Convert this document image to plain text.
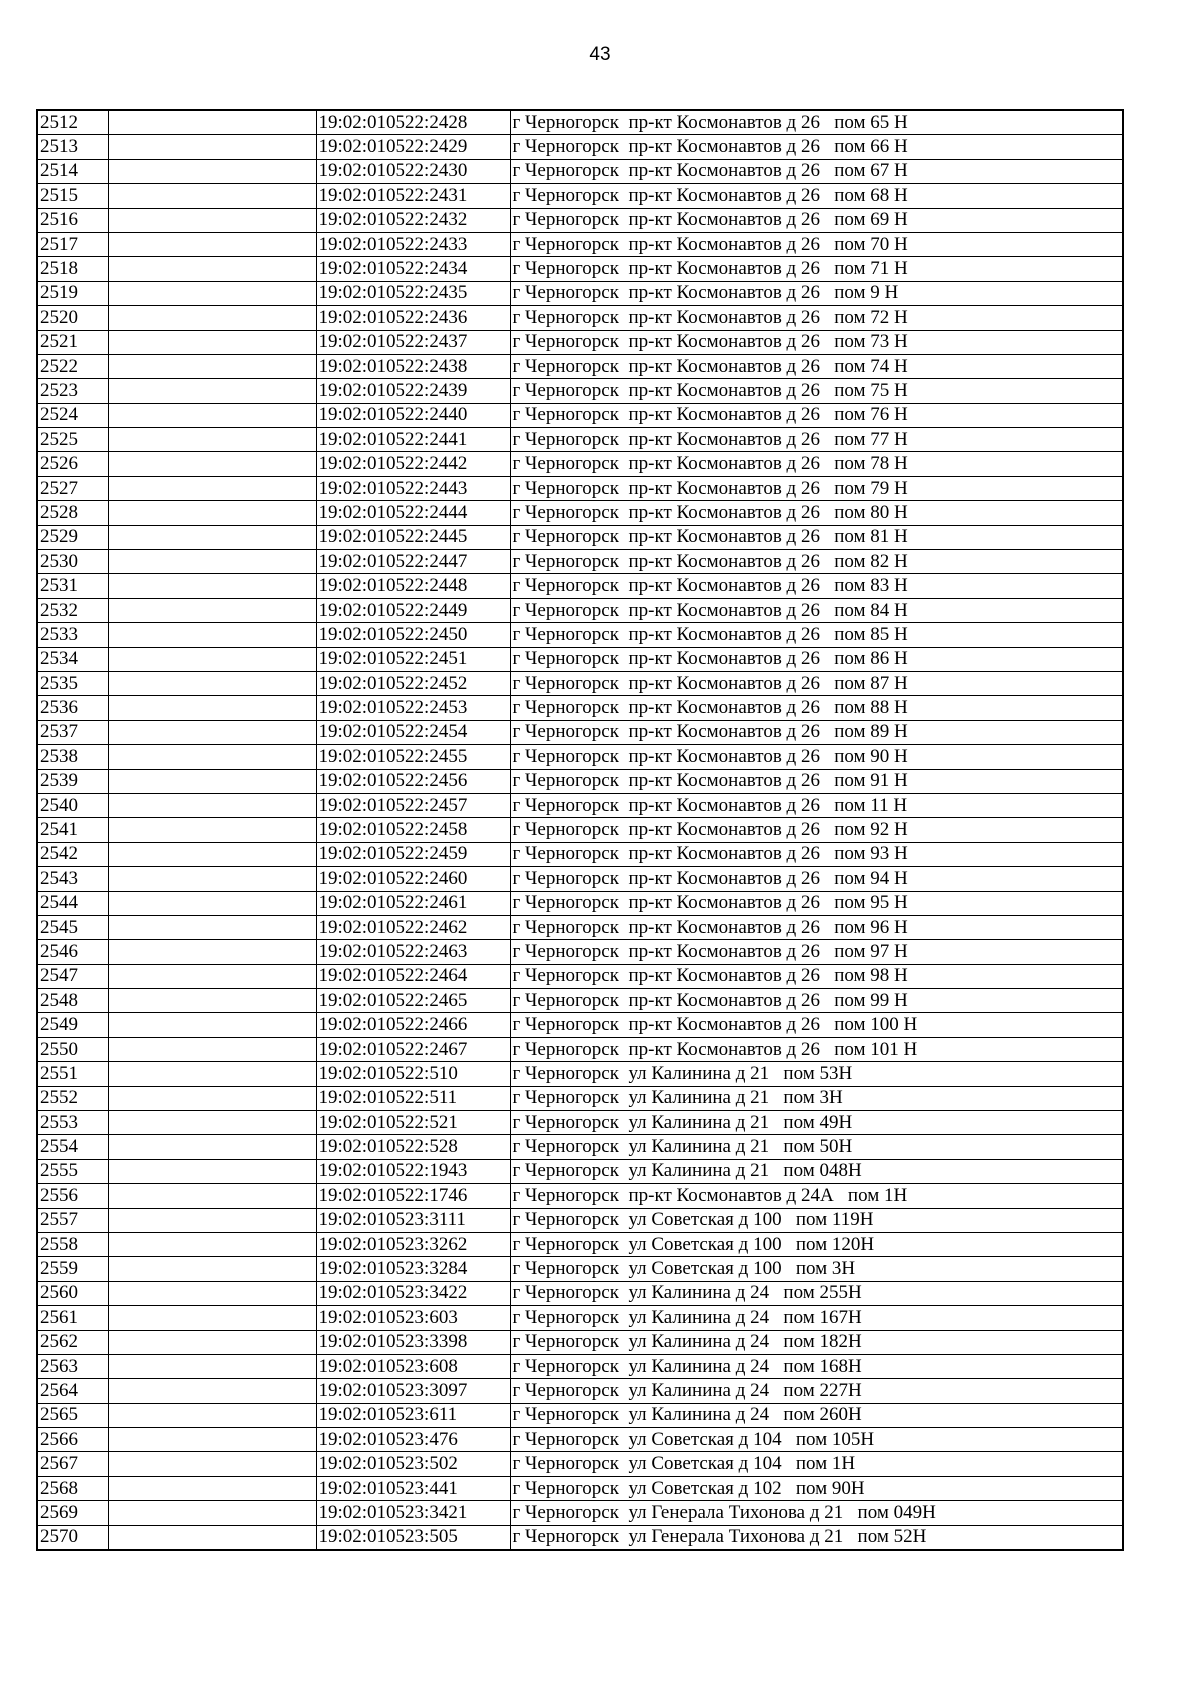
43
2512		19:02:010522:2428	г Черногорск  пр-кт Космонавтов д 26   пом 65 Н
2513		19:02:010522:2429	г Черногорск  пр-кт Космонавтов д 26   пом 66 Н
2514		19:02:010522:2430	г Черногорск  пр-кт Космонавтов д 26   пом 67 Н
2515		19:02:010522:2431	г Черногорск  пр-кт Космонавтов д 26   пом 68 Н
2516		19:02:010522:2432	г Черногорск  пр-кт Космонавтов д 26   пом 69 Н
2517		19:02:010522:2433	г Черногорск  пр-кт Космонавтов д 26   пом 70 Н
2518		19:02:010522:2434	г Черногорск  пр-кт Космонавтов д 26   пом 71 Н
2519		19:02:010522:2435	г Черногорск  пр-кт Космонавтов д 26   пом 9 Н
2520		19:02:010522:2436	г Черногорск  пр-кт Космонавтов д 26   пом 72 Н
2521		19:02:010522:2437	г Черногорск  пр-кт Космонавтов д 26   пом 73 Н
2522		19:02:010522:2438	г Черногорск  пр-кт Космонавтов д 26   пом 74 Н
2523		19:02:010522:2439	г Черногорск  пр-кт Космонавтов д 26   пом 75 Н
2524		19:02:010522:2440	г Черногорск  пр-кт Космонавтов д 26   пом 76 Н
2525		19:02:010522:2441	г Черногорск  пр-кт Космонавтов д 26   пом 77 Н
2526		19:02:010522:2442	г Черногорск  пр-кт Космонавтов д 26   пом 78 Н
2527		19:02:010522:2443	г Черногорск  пр-кт Космонавтов д 26   пом 79 Н
2528		19:02:010522:2444	г Черногорск  пр-кт Космонавтов д 26   пом 80 Н
2529		19:02:010522:2445	г Черногорск  пр-кт Космонавтов д 26   пом 81 Н
2530		19:02:010522:2447	г Черногорск  пр-кт Космонавтов д 26   пом 82 Н
2531		19:02:010522:2448	г Черногорск  пр-кт Космонавтов д 26   пом 83 Н
2532		19:02:010522:2449	г Черногорск  пр-кт Космонавтов д 26   пом 84 Н
2533		19:02:010522:2450	г Черногорск  пр-кт Космонавтов д 26   пом 85 Н
2534		19:02:010522:2451	г Черногорск  пр-кт Космонавтов д 26   пом 86 Н
2535		19:02:010522:2452	г Черногорск  пр-кт Космонавтов д 26   пом 87 Н
2536		19:02:010522:2453	г Черногорск  пр-кт Космонавтов д 26   пом 88 Н
2537		19:02:010522:2454	г Черногорск  пр-кт Космонавтов д 26   пом 89 Н
2538		19:02:010522:2455	г Черногорск  пр-кт Космонавтов д 26   пом 90 Н
2539		19:02:010522:2456	г Черногорск  пр-кт Космонавтов д 26   пом 91 Н
2540		19:02:010522:2457	г Черногорск  пр-кт Космонавтов д 26   пом 11 Н
2541		19:02:010522:2458	г Черногорск  пр-кт Космонавтов д 26   пом 92 Н
2542		19:02:010522:2459	г Черногорск  пр-кт Космонавтов д 26   пом 93 Н
2543		19:02:010522:2460	г Черногорск  пр-кт Космонавтов д 26   пом 94 Н
2544		19:02:010522:2461	г Черногорск  пр-кт Космонавтов д 26   пом 95 Н
2545		19:02:010522:2462	г Черногорск  пр-кт Космонавтов д 26   пом 96 Н
2546		19:02:010522:2463	г Черногорск  пр-кт Космонавтов д 26   пом 97 Н
2547		19:02:010522:2464	г Черногорск  пр-кт Космонавтов д 26   пом 98 Н
2548		19:02:010522:2465	г Черногорск  пр-кт Космонавтов д 26   пом 99 Н
2549		19:02:010522:2466	г Черногорск  пр-кт Космонавтов д 26   пом 100 Н
2550		19:02:010522:2467	г Черногорск  пр-кт Космонавтов д 26   пом 101 Н
2551		19:02:010522:510	г Черногорск  ул Калинина д 21   пом 53Н
2552		19:02:010522:511	г Черногорск  ул Калинина д 21   пом 3Н
2553		19:02:010522:521	г Черногорск  ул Калинина д 21   пом 49Н
2554		19:02:010522:528	г Черногорск  ул Калинина д 21   пом 50Н
2555		19:02:010522:1943	г Черногорск  ул Калинина д 21   пом 048Н
2556		19:02:010522:1746	г Черногорск  пр-кт Космонавтов д 24А   пом 1Н
2557		19:02:010523:3111	г Черногорск  ул Советская д 100   пом 119Н
2558		19:02:010523:3262	г Черногорск  ул Советская д 100   пом 120Н
2559		19:02:010523:3284	г Черногорск  ул Советская д 100   пом 3Н
2560		19:02:010523:3422	г Черногорск  ул Калинина д 24   пом 255Н
2561		19:02:010523:603	г Черногорск  ул Калинина д 24   пом 167Н
2562		19:02:010523:3398	г Черногорск  ул Калинина д 24   пом 182Н
2563		19:02:010523:608	г Черногорск  ул Калинина д 24   пом 168Н
2564		19:02:010523:3097	г Черногорск  ул Калинина д 24   пом 227Н
2565		19:02:010523:611	г Черногорск  ул Калинина д 24   пом 260Н
2566		19:02:010523:476	г Черногорск  ул Советская д 104   пом 105Н
2567		19:02:010523:502	г Черногорск  ул Советская д 104   пом 1Н
2568		19:02:010523:441	г Черногорск  ул Советская д 102   пом 90Н
2569		19:02:010523:3421	г Черногорск  ул Генерала Тихонова д 21   пом 049Н
2570		19:02:010523:505	г Черногорск  ул Генерала Тихонова д 21   пом 52Н
